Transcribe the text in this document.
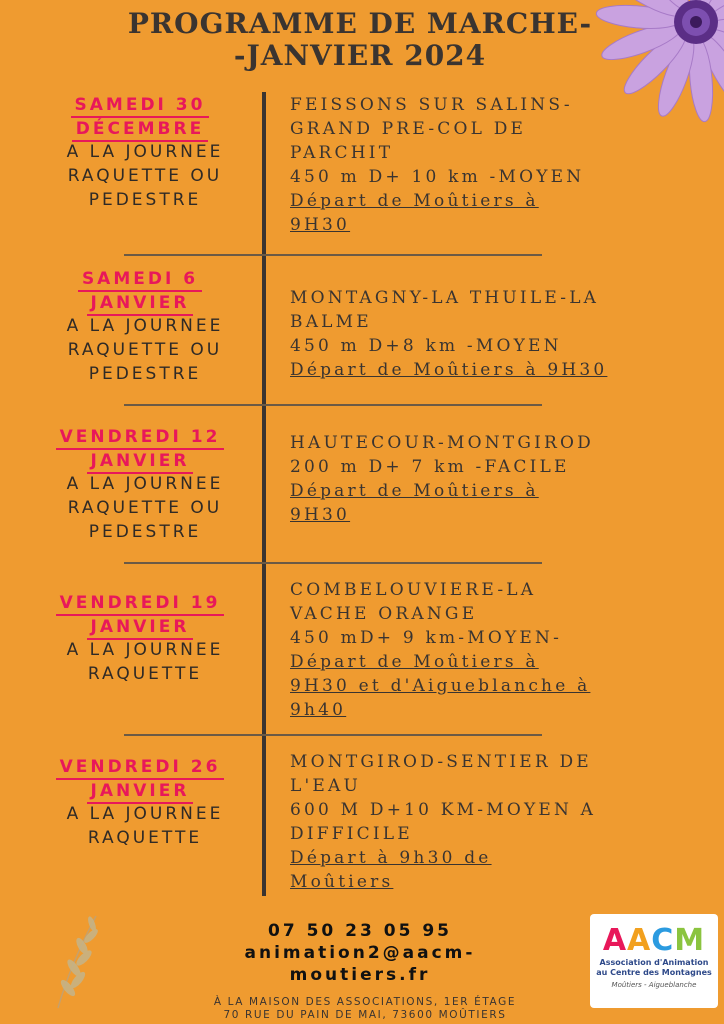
PROGRAMME DE MARCHE-
-JANVIER 2024
SAMEDI 30
DÉCEMBRE
A LA JOURNEE
RAQUETTE OU
PEDESTRE
FEISSONS SUR SALINS-
GRAND PRE-COL DE
PARCHIT
450 m D+ 10 km -MOYEN
Départ de Moûtiers à
9H30
SAMEDI 6
JANVIER
A LA JOURNEE
RAQUETTE OU
PEDESTRE
MONTAGNY-LA THUILE-LA
BALME
450 m D+8 km -MOYEN
Départ de Moûtiers à 9H30
VENDREDI 12
JANVIER
A LA JOURNEE
RAQUETTE OU
PEDESTRE
HAUTECOUR-MONTGIROD
200 m D+ 7 km -FACILE
Départ de Moûtiers à
9H30
VENDREDI 19
JANVIER
A LA JOURNEE
RAQUETTE
COMBELOUVIERE-LA
VACHE ORANGE
450 mD+ 9 km-MOYEN-
Départ de Moûtiers à
9H30 et d'Aigueblanche à
9h40
VENDREDI 26
JANVIER
A LA JOURNEE
RAQUETTE
MONTGIROD-SENTIER DE
L'EAU
600 M D+10 KM-MOYEN A
DIFFICILE
Départ à 9h30 de
Moûtiers
07 50 23 05 95
animation2@aacm-
moutiers.fr
À LA MAISON DES ASSOCIATIONS, 1ER ÉTAGE
70 RUE DU PAIN DE MAI, 73600 MOÛTIERS
AACM
Association d'Animation
au Centre des Montagnes
Moûtiers - Aigueblanche
